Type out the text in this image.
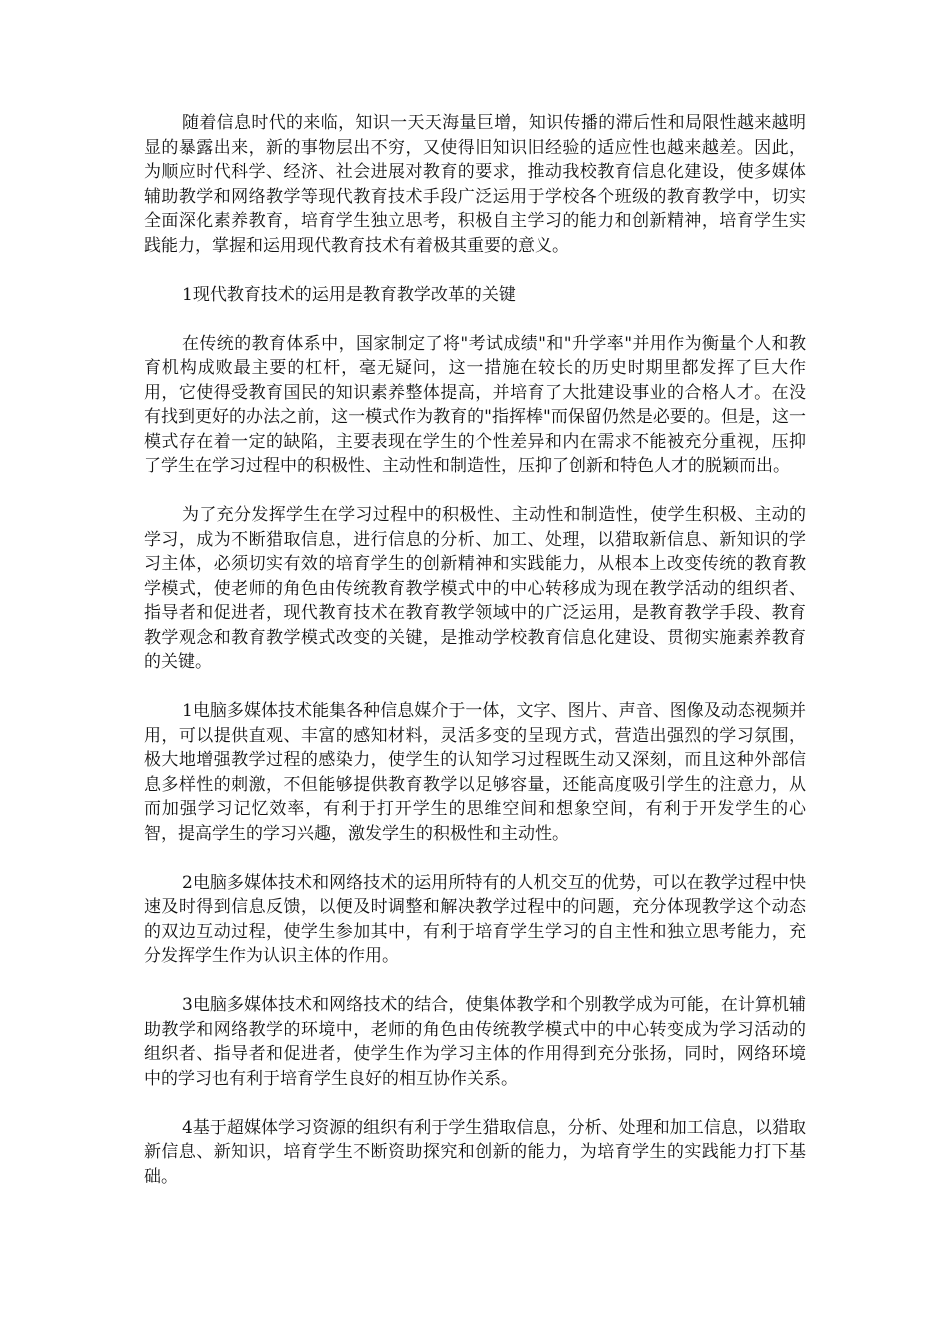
随着信息时代的来临，知识一天天海量巨增，知识传播的滞后性和局限性越来越明显的暴露出来，新的事物层出不穷，又使得旧知识旧经验的适应性也越来越差。因此，为顺应时代科学、经济、社会进展对教育的要求，推动我校教育信息化建设，使多媒体辅助教学和网络教学等现代教育技术手段广泛运用于学校各个班级的教育教学中，切实全面深化素养教育，培育学生独立思考，积极自主学习的能力和创新精神，培育学生实践能力，掌握和运用现代教育技术有着极其重要的意义。

1现代教育技术的运用是教育教学改革的关键

在传统的教育体系中，国家制定了将"考试成绩"和"升学率"并用作为衡量个人和教育机构成败最主要的杠杆，毫无疑问，这一措施在较长的历史时期里都发挥了巨大作用，它使得受教育国民的知识素养整体提高，并培育了大批建设事业的合格人才。在没有找到更好的办法之前，这一模式作为教育的"指挥棒"而保留仍然是必要的。但是，这一模式存在着一定的缺陷，主要表现在学生的个性差异和内在需求不能被充分重视，压抑了学生在学习过程中的积极性、主动性和制造性，压抑了创新和特色人才的脱颖而出。

为了充分发挥学生在学习过程中的积极性、主动性和制造性，使学生积极、主动的学习，成为不断猎取信息，进行信息的分析、加工、处理，以猎取新信息、新知识的学习主体，必须切实有效的培育学生的创新精神和实践能力，从根本上改变传统的教育教学模式，使老师的角色由传统教育教学模式中的中心转移成为现在教学活动的组织者、指导者和促进者，现代教育技术在教育教学领域中的广泛运用，是教育教学手段、教育教学观念和教育教学模式改变的关键，是推动学校教育信息化建设、贯彻实施素养教育的关键。

1电脑多媒体技术能集各种信息媒介于一体，文字、图片、声音、图像及动态视频并用，可以提供直观、丰富的感知材料，灵活多变的呈现方式，营造出强烈的学习氛围，极大地增强教学过程的感染力，使学生的认知学习过程既生动又深刻，而且这种外部信息多样性的刺激，不但能够提供教育教学以足够容量，还能高度吸引学生的注意力，从而加强学习记忆效率，有利于打开学生的思维空间和想象空间，有利于开发学生的心智，提高学生的学习兴趣，激发学生的积极性和主动性。

2电脑多媒体技术和网络技术的运用所特有的人机交互的优势，可以在教学过程中快速及时得到信息反馈，以便及时调整和解决教学过程中的问题，充分体现教学这个动态的双边互动过程，使学生参加其中，有利于培育学生学习的自主性和独立思考能力，充分发挥学生作为认识主体的作用。

3电脑多媒体技术和网络技术的结合，使集体教学和个别教学成为可能，在计算机辅助教学和网络教学的环境中，老师的角色由传统教学模式中的中心转变成为学习活动的组织者、指导者和促进者，使学生作为学习主体的作用得到充分张扬，同时，网络环境中的学习也有利于培育学生良好的相互协作关系。

4基于超媒体学习资源的组织有利于学生猎取信息，分析、处理和加工信息，以猎取新信息、新知识，培育学生不断资助探究和创新的能力，为培育学生的实践能力打下基础。
